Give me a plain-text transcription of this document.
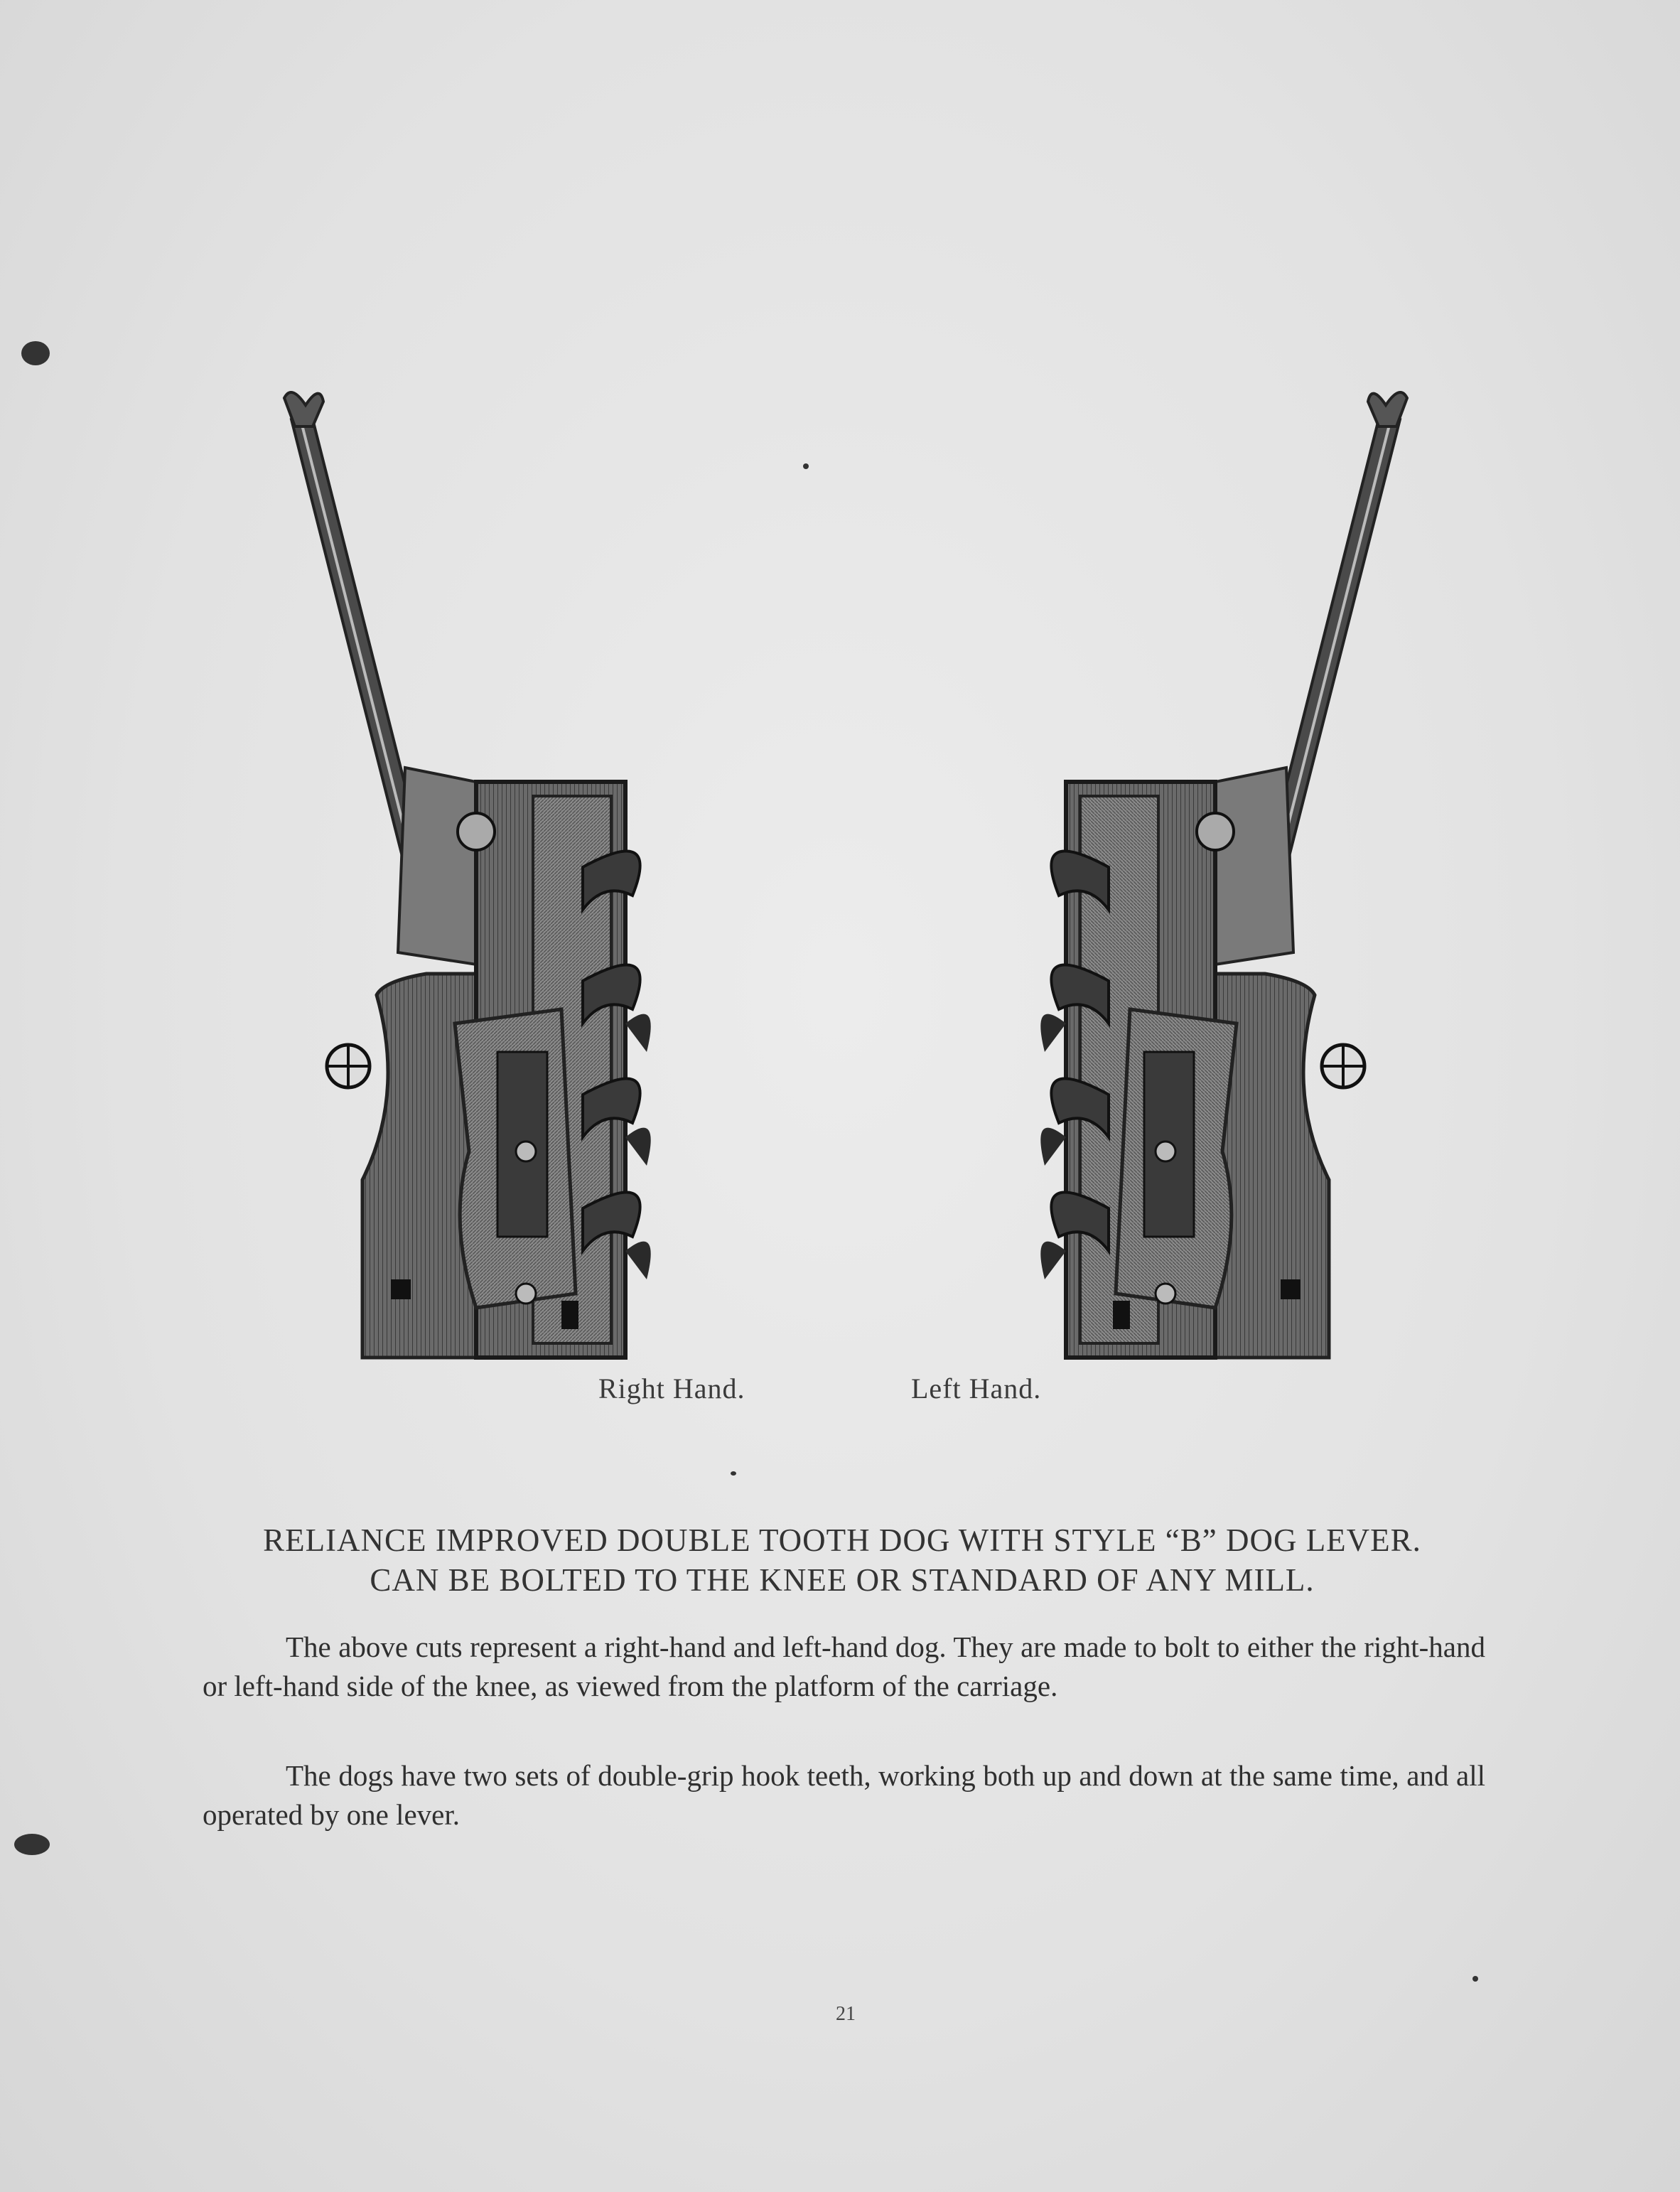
Right Hand.	Left Hand.
RELIANCE IMPROVED DOUBLE TOOTH DOG WITH STYLE “B” DOG LEVER.
CAN BE BOLTED TO THE KNEE OR STANDARD OF ANY MILL.
The above cuts represent a right-hand and left-hand dog. They are made to bolt to either the right-hand or left-hand side of the knee, as viewed from the platform of the carriage.
The dogs have two sets of double-grip hook teeth, working both up and down at the same time, and all operated by one lever.
21
